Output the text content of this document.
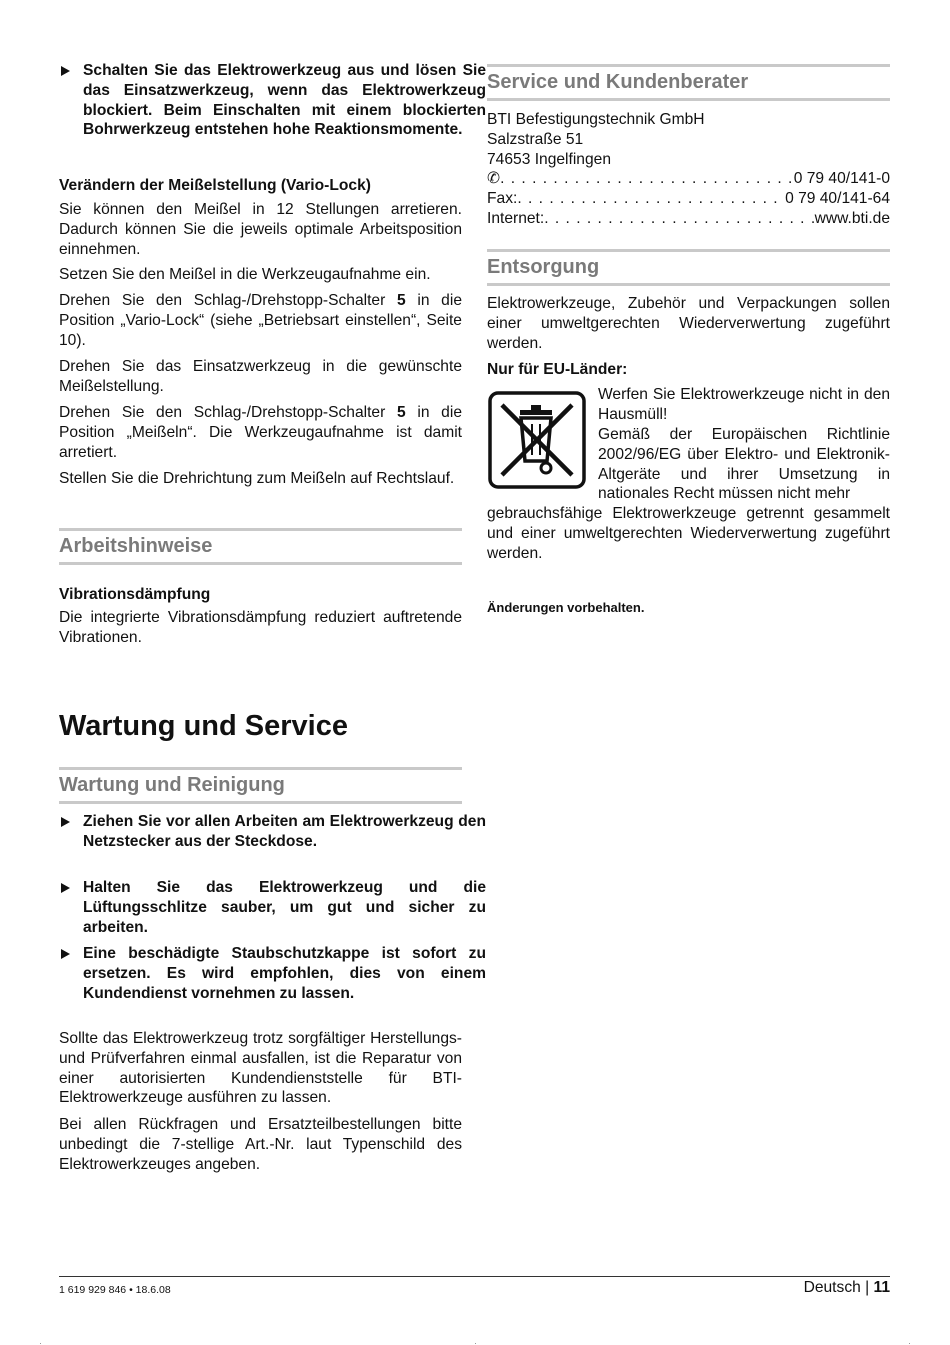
Schalten Sie das Elektrowerkzeug aus und lösen Sie das Einsatzwerkzeug, wenn das Elektrowerkzeug blockiert. Beim Einschalten mit einem blockierten Bohrwerkzeug entstehen hohe Reaktionsmomente.
Verändern der Meißelstellung (Vario-Lock)

Sie können den Meißel in 12 Stellungen arretieren. Dadurch können Sie die jeweils optimale Arbeitsposition einnehmen.

Setzen Sie den Meißel in die Werkzeugaufnahme ein.

Drehen Sie den Schlag-/Drehstopp-Schalter 5 in die Position „Vario-Lock“ (siehe „Betriebsart einstellen“, Seite 10).

Drehen Sie das Einsatzwerkzeug in die gewünschte Meißelstellung.

Drehen Sie den Schlag-/Drehstopp-Schalter 5 in die Position „Meißeln“. Die Werkzeugaufnahme ist damit arretiert.

Stellen Sie die Drehrichtung zum Meißeln auf Rechtslauf.

Arbeitshinweise
Vibrationsdämpfung

Die integrierte Vibrationsdämpfung reduziert auftretende Vibrationen.

Wartung und Service
Wartung und Reinigung
Ziehen Sie vor allen Arbeiten am Elektrowerkzeug den Netzstecker aus der Steckdose.
Halten Sie das Elektrowerkzeug und die Lüftungsschlitze sauber, um gut und sicher zu arbeiten.
Eine beschädigte Staubschutzkappe ist sofort zu ersetzen. Es wird empfohlen, dies von einem Kundendienst vornehmen zu lassen.

Sollte das Elektrowerkzeug trotz sorgfältiger Herstellungs- und Prüfverfahren einmal ausfallen, ist die Reparatur von einer autorisierten Kundendienststelle für BTI-Elektrowerkzeuge ausführen zu lassen.

Bei allen Rückfragen und Ersatzteilbestellungen bitte unbedingt die 7-stellige Art.-Nr. laut Typenschild des Elektrowerkzeuges angeben.

Service und Kundenberater

BTI Befestigungstechnik GmbH

Salzstraße 51

74653 Ingelfingen

✆ . . .	0 79 40/141-0
Fax: . . .	0 79 40/141-64
Internet: . . .	www.bti.de
Entsorgung

Elektrowerkzeuge, Zubehör und Verpackungen sollen einer umweltgerechten Wiederverwertung zugeführt werden.

Nur für EU-Länder:

Werfen Sie Elektrowerkzeuge nicht in den Hausmüll!

Gemäß der Europäischen Richtlinie 2002/96/EG über Elektro- und Elektronik-Altgeräte und ihrer Umsetzung in nationales Recht müssen nicht mehr

gebrauchsfähige Elektrowerkzeuge getrennt gesammelt und einer umweltgerechten Wiederverwertung zugeführt werden.

Änderungen vorbehalten.
1 619 929 846 • 18.6.08	Deutsch | 11
